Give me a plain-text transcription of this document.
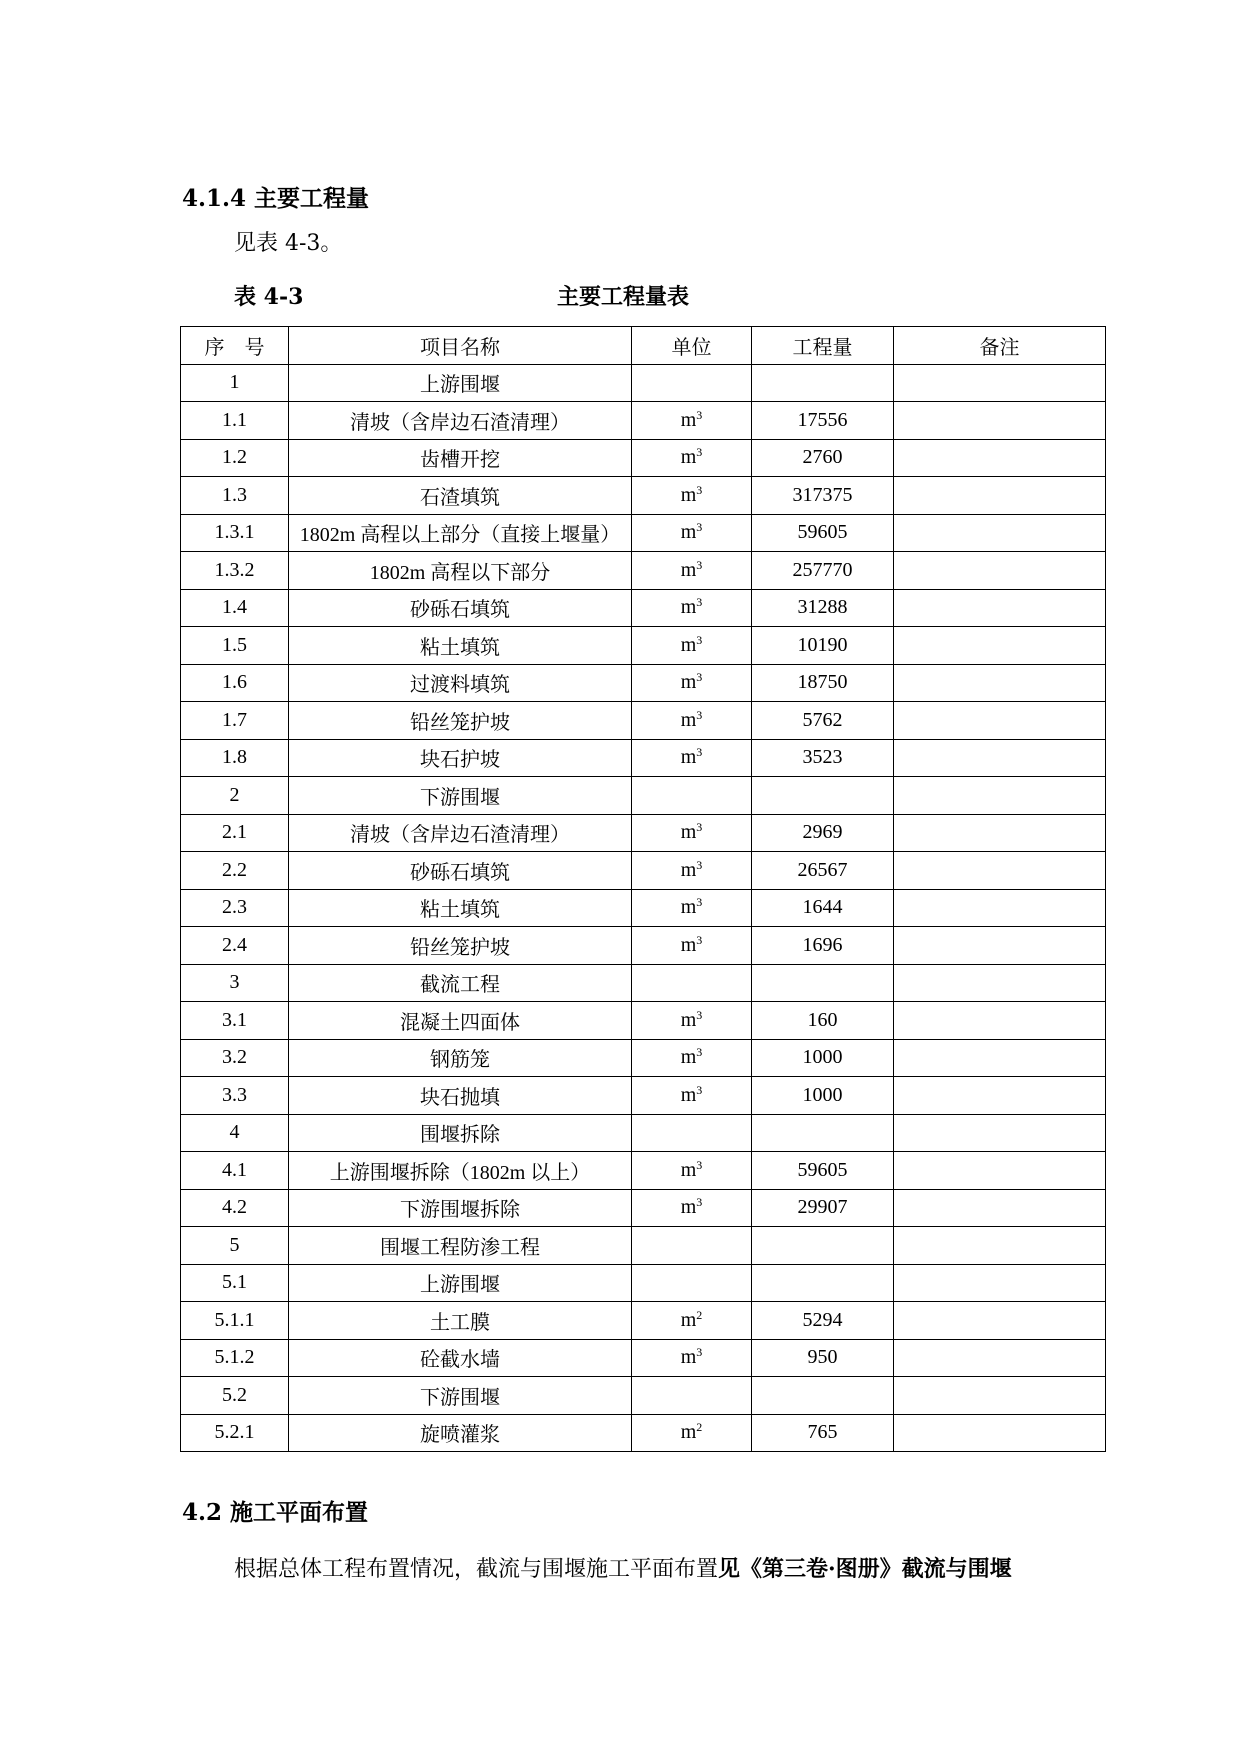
4.1.4 主要工程量
见表 4-3。
表 4-3	主要工程量表
序　号	项目名称	单位	工程量	备注
1	上游围堰			
1.1	清坡（含岸边石渣清理）	$m^3$	17556	
1.2	齿槽开挖	$m^3$	2760	
1.3	石渣填筑	$m^3$	317375	
1.3.1	1802m 高程以上部分（直接上堰量）	$m^3$	59605	
1.3.2	1802m 高程以下部分	$m^3$	257770	
1.4	砂砾石填筑	$m^3$	31288	
1.5	粘土填筑	$m^3$	10190	
1.6	过渡料填筑	$m^3$	18750	
1.7	铅丝笼护坡	$m^3$	5762	
1.8	块石护坡	$m^3$	3523	
2	下游围堰			
2.1	清坡（含岸边石渣清理）	$m^3$	2969	
2.2	砂砾石填筑	$m^3$	26567	
2.3	粘土填筑	$m^3$	1644	
2.4	铅丝笼护坡	$m^3$	1696	
3	截流工程			
3.1	混凝土四面体	$m^3$	160	
3.2	钢筋笼	$m^3$	1000	
3.3	块石抛填	$m^3$	1000	
4	围堰拆除			
4.1	上游围堰拆除（1802m 以上）	$m^3$	59605	
4.2	下游围堰拆除	$m^3$	29907	
5	围堰工程防渗工程			
5.1	上游围堰			
5.1.1	土工膜	$m^2$	5294	
5.1.2	砼截水墙	$m^3$	950	
5.2	下游围堰			
5.2.1	旋喷灌浆	$m^2$	765	
4.2 施工平面布置
根据总体工程布置情况，截流与围堰施工平面布置见《第三卷·图册》截流与围堰
